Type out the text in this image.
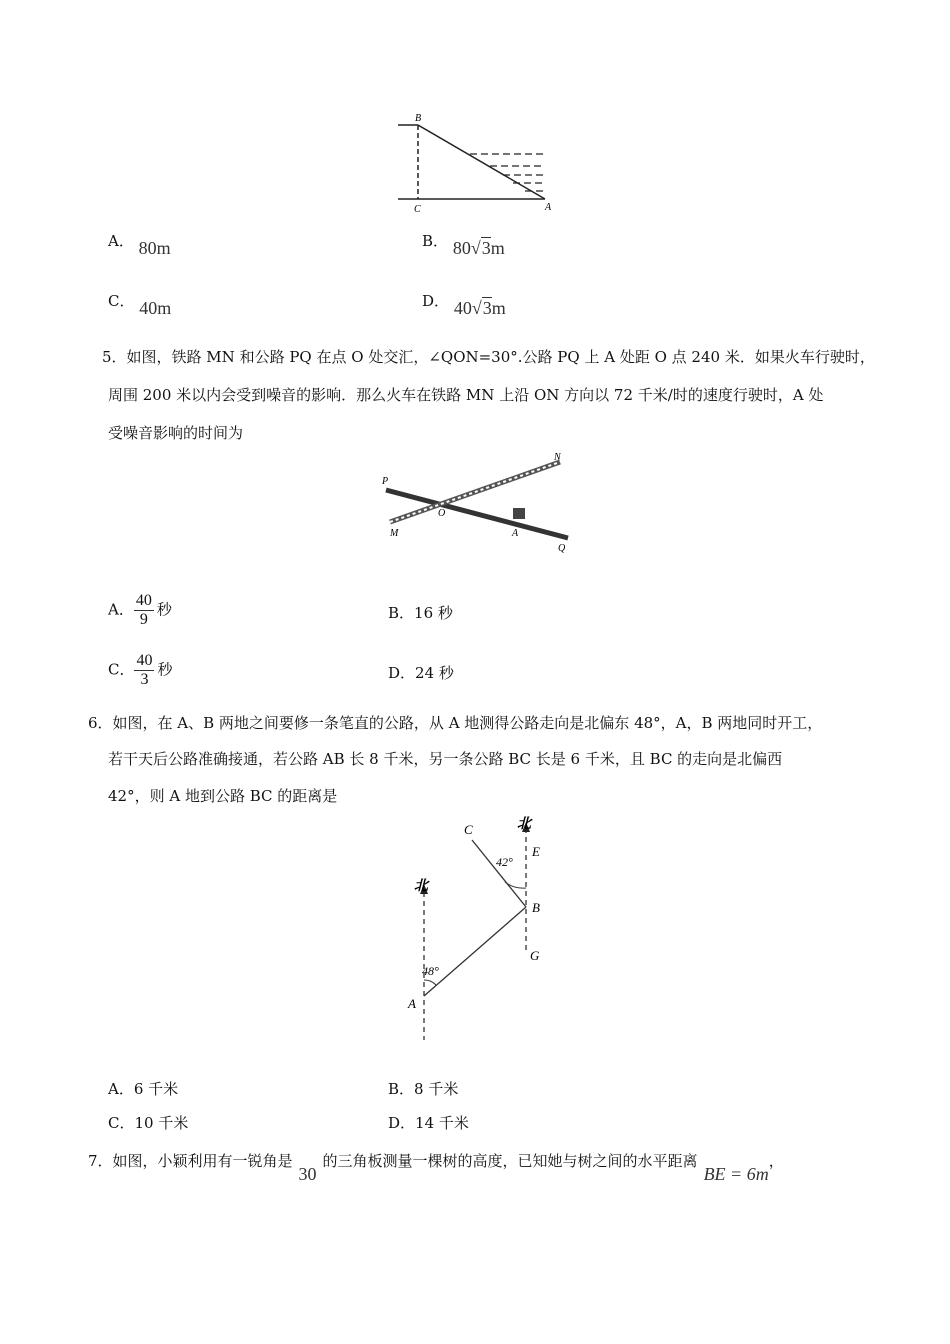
B
C	A
A． 80m	B． 80√3m
C． 40m	D． 40√3m
5．如图，铁路 MN 和公路 PQ 在点 O 处交汇，∠QON=30°.公路 PQ 上 A 处距 O 点 240 米．如果火车行驶时，
周围 200 米以内会受到噪音的影响．那么火车在铁路 MN 上沿 ON 方向以 72 千米/时的速度行驶时，A 处
受噪音影响的时间为
P
N
O
M	A
Q
A． $\frac{40}{9}$ 秒	B．16 秒
C． $\frac{40}{3}$ 秒	D．24 秒
6．如图，在 A、B 两地之间要修一条笔直的公路，从 A 地测得公路走向是北偏东 48°，A，B 两地同时开工，
若干天后公路准确接通，若公路 AB 长 8 千米，另一条公路 BC 长是 6 千米，且 BC 的走向是北偏西
42°，则 A 地到公路 BC 的距离是
C	北
42°
E
B
G
北
48°
A
A．6 千米	B．8 千米
C．10 千米	D．14 千米
7．如图，小颖利用有一锐角是30的三角板测量一棵树的高度，已知她与树之间的水平距离BE = 6m，
